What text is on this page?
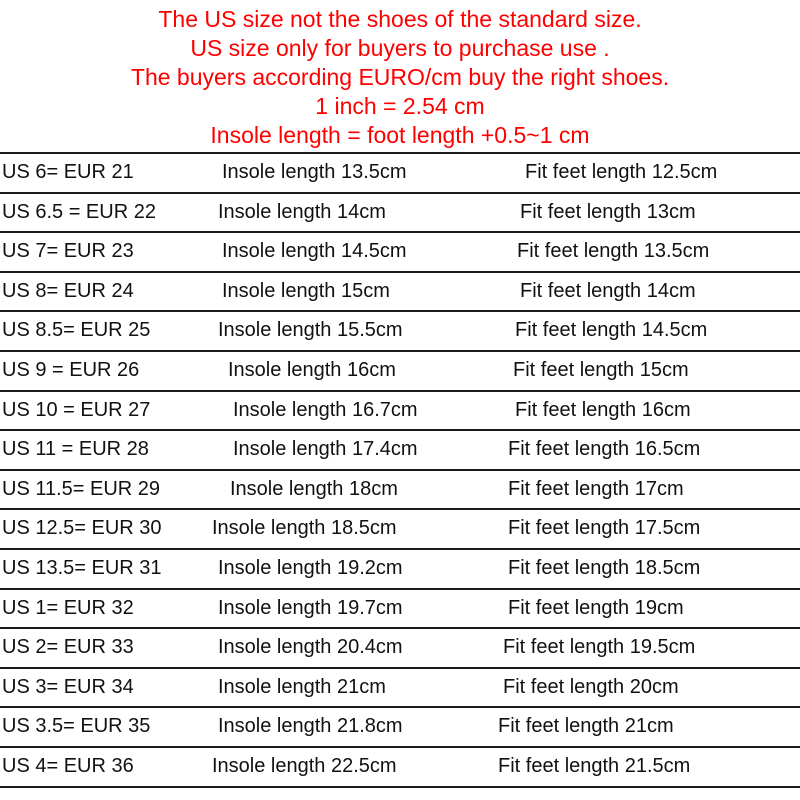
The US size not the shoes of the standard size.
US size only for buyers to purchase use .
The buyers according EURO/cm buy the right shoes.
1 inch = 2.54 cm
Insole length = foot length +0.5~1 cm
US 6= EUR 21	Insole length 13.5cm	Fit feet length 12.5cm
US 6.5 = EUR 22	Insole length 14cm	Fit feet length 13cm
US 7= EUR 23	Insole length 14.5cm	Fit feet length 13.5cm
US 8= EUR 24	Insole length 15cm	Fit feet length 14cm
US 8.5= EUR 25	Insole length 15.5cm	Fit feet length 14.5cm
US 9 = EUR 26	Insole length 16cm	Fit feet length 15cm
US 10 = EUR 27	Insole length 16.7cm	Fit feet length 16cm
US 11 = EUR 28	Insole length 17.4cm	Fit feet length 16.5cm
US 11.5= EUR 29	Insole length 18cm	Fit feet length 17cm
US 12.5= EUR 30	Insole length 18.5cm	Fit feet length 17.5cm
US 13.5= EUR 31	Insole length 19.2cm	Fit feet length 18.5cm
US 1= EUR 32	Insole length 19.7cm	Fit feet length 19cm
US 2= EUR 33	Insole length 20.4cm	Fit feet length 19.5cm
US 3= EUR 34	Insole length 21cm	Fit feet length 20cm
US 3.5= EUR 35	Insole length 21.8cm	Fit feet length 21cm
US 4= EUR 36	Insole length 22.5cm	Fit feet length 21.5cm
